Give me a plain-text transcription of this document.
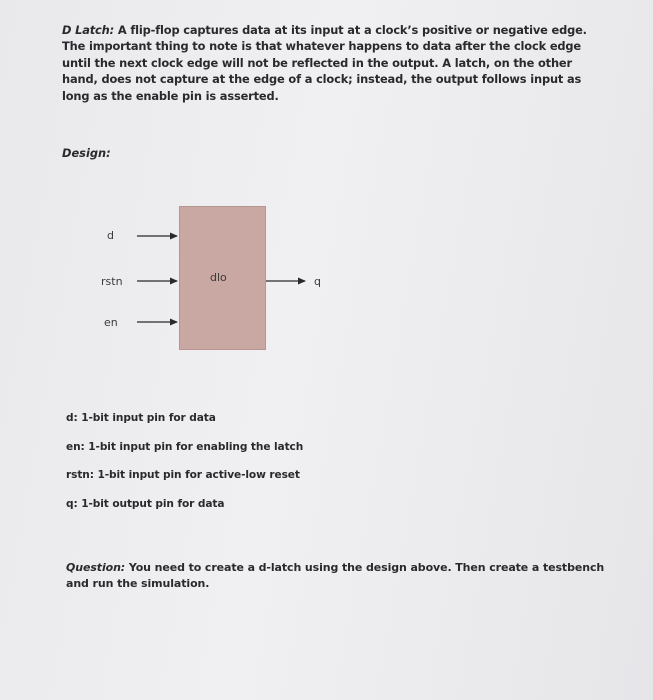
D Latch: A flip-flop captures data at its input at a clock’s positive or negative edge. The important thing to note is that whatever happens to data after the clock edge until the next clock edge will not be reflected in the output. A latch, on the other hand, does not capture at the edge of a clock; instead, the output follows input as long as the enable pin is asserted.

Design:
dlo
d
rstn
en
q
d: 1-bit input pin for data
en: 1-bit input pin for enabling the latch
rstn: 1-bit input pin for active-low reset
q: 1-bit output pin for data

Question: You need to create a d-latch using the design above. Then create a testbench and run the simulation.
